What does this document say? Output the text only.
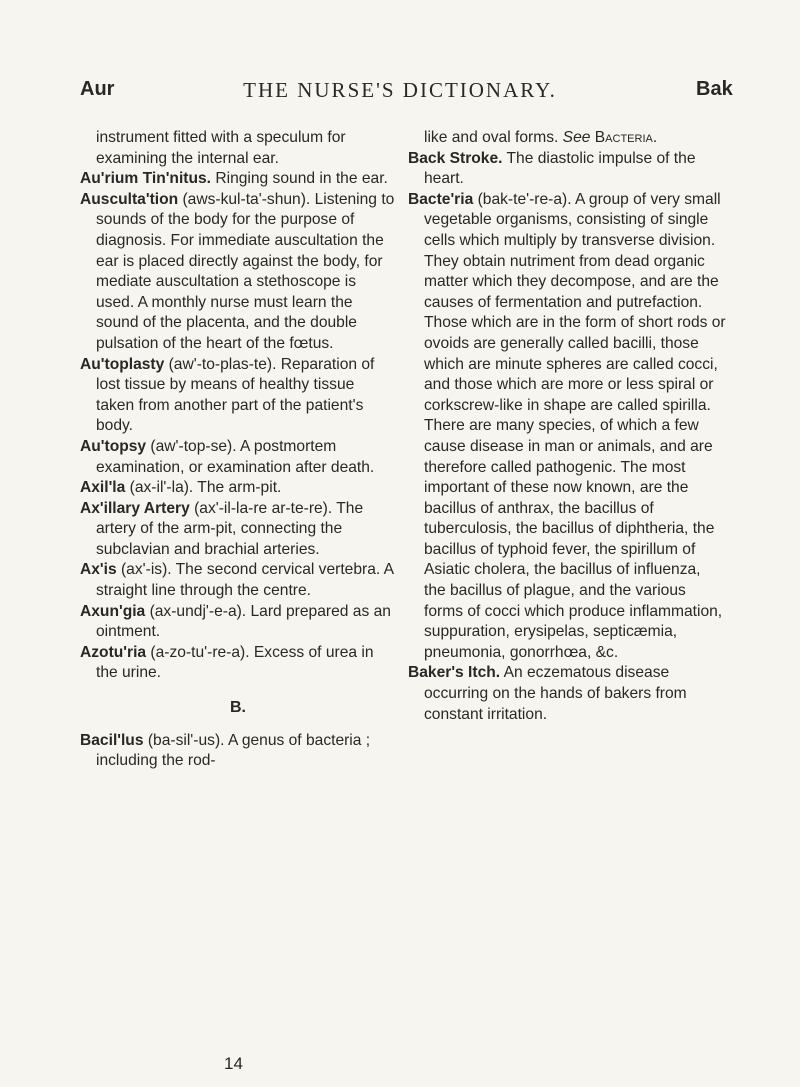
Aur	THE NURSE'S DICTIONARY.	Bak

instrument fitted with a speculum for examining the internal ear.

Au'rium Tin'nitus. Ringing sound in the ear.

Ausculta'tion (aws-kul-ta'-shun). Listening to sounds of the body for the purpose of diagnosis. For immediate auscultation the ear is placed directly against the body, for mediate auscultation a stethoscope is used. A monthly nurse must learn the sound of the placenta, and the double pulsation of the heart of the fœtus.

Au'toplasty (aw'-to-plas-te). Reparation of lost tissue by means of healthy tissue taken from another part of the patient's body.

Au'topsy (aw'-top-se). A postmortem examination, or examination after death.

Axil'la (ax-il'-la). The arm-pit.

Ax'illary Artery (ax'-il-la-re ar-te-re). The artery of the arm-pit, connecting the subclavian and brachial arteries.

Ax'is (ax'-is). The second cervical vertebra. A straight line through the centre.

Axun'gia (ax-undj'-e-a). Lard prepared as an ointment.

Azotu'ria (a-zo-tu'-re-a). Excess of urea in the urine.

B.

Bacil'lus (ba-sil'-us). A genus of bacteria ; including the rod-

like and oval forms. See Bacteria.

Back Stroke. The diastolic impulse of the heart.

Bacte'ria (bak-te'-re-a). A group of very small vegetable organisms, consisting of single cells which multiply by transverse division. They obtain nutriment from dead organic matter which they decompose, and are the causes of fermentation and putrefaction. Those which are in the form of short rods or ovoids are generally called bacilli, those which are minute spheres are called cocci, and those which are more or less spiral or corkscrew-like in shape are called spirilla. There are many species, of which a few cause disease in man or animals, and are therefore called pathogenic. The most important of these now known, are the bacillus of anthrax, the bacillus of tuberculosis, the bacillus of diphtheria, the bacillus of typhoid fever, the spirillum of Asiatic cholera, the bacillus of influenza, the bacillus of plague, and the various forms of cocci which produce inflammation, suppuration, erysipelas, septicæmia, pneumonia, gonorrhœa, &c.

Baker's Itch. An eczematous disease occurring on the hands of bakers from constant irritation.

14
